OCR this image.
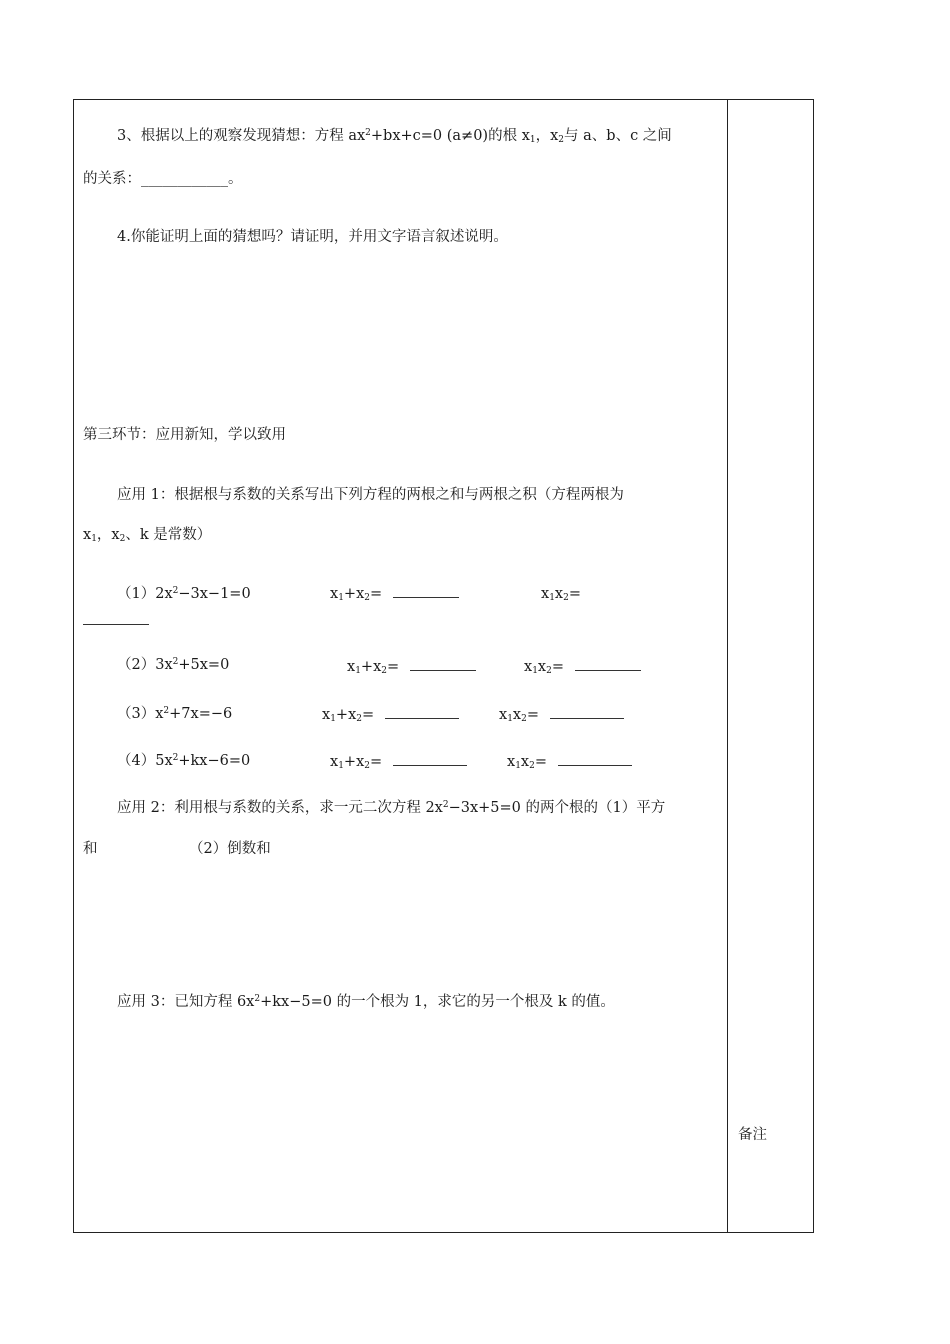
3、根据以上的观察发现猜想：方程 $ax^2+bx+c=0$ (a≠0)的根 $x_1$，$x_2$与 a、b、c 之间
的关系：____________。
4.你能证明上面的猜想吗？请证明，并用文字语言叙述说明。
第三环节：应用新知，学以致用
应用 1：根据根与系数的关系写出下列方程的两根之和与两根之积（方程两根为
$x_1$，$x_2$、k 是常数）
$(1)2x^2-3x-1=0$	$x_1+x_2=$	$x_1x_2=$
$(2)3x^2+5x=0$	$x_1+x_2=$	$x_1x_2=$
$(3)x^2+7x=-6$	$x_1+x_2=$	$x_1x_2=$
$(4)5x^2+kx-6=0$	$x_1+x_2=$	$x_1x_2=$
应用 2：利用根与系数的关系，求一元二次方程 $2x^2-3x+5=0$ 的两个根的（1）平方
和	（2）倒数和
应用 3：已知方程 $6x^2+kx-5=0$ 的一个根为 1，求它的另一个根及 k 的值。
备注
